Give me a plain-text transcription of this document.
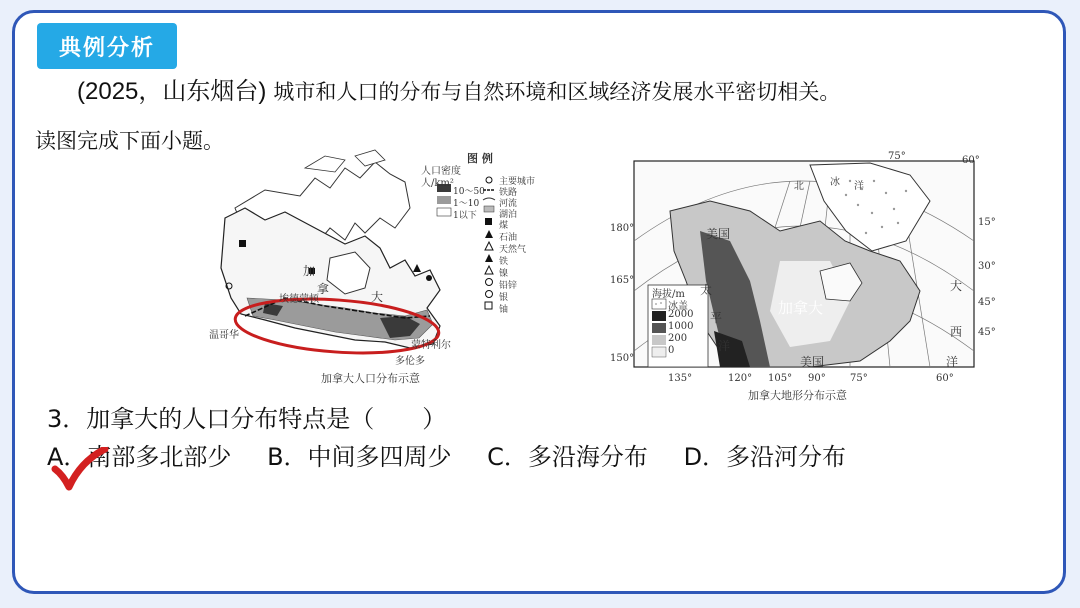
典例分析
(2025，山东烟台) 城市和人口的分布与自然环境和区域经济发展水平密切相关。
读图完成下面小题。
加
拿
大
埃德蒙顿
温哥华
蒙特利尔
多伦多
图 例
人口密度
人/km²
10～50
1～10
1以下
主要城市
铁路
河流
湖泊
煤
石油
天然气
铁
镍
铅锌
银
铀
加拿大人口分布示意
75°	60°
北	冰 洋
180°
165°
150°
15°
30°
45°
45°
135°	120° 105° 90° 75°	60°
太
平
洋
大
西
洋
加拿大
美国
美国
海拔/m
冰盖
2000
1000
200
0
加拿大地形分布示意
3．加拿大的人口分布特点是（　　）
A．南部多北部少 B．中间多四周少 C．多沿海分布 D．多沿河分布
